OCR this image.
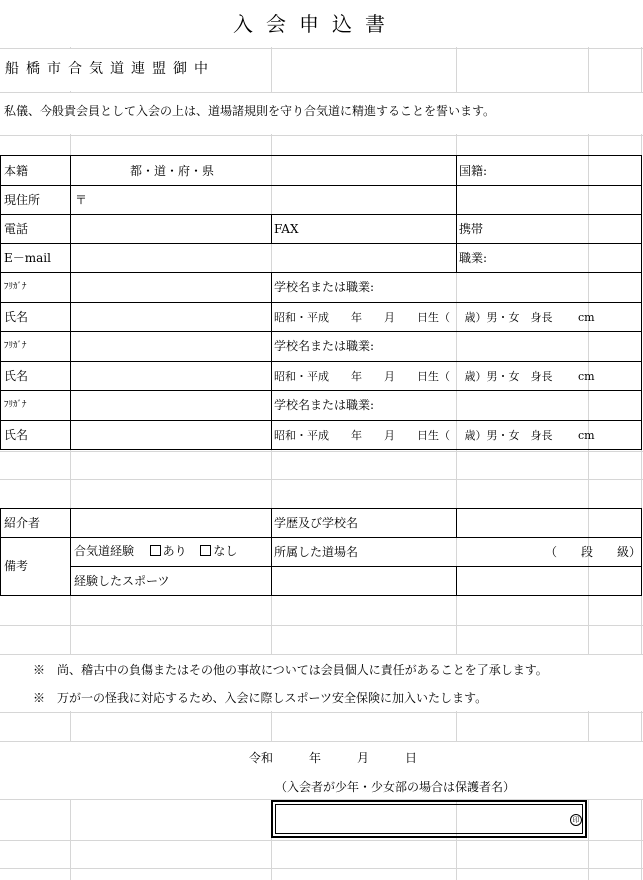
入会申込書
船橋市合気道連盟御中
私儀、今般貴会員として入会の上は、道場諸規則を守り合気道に精進することを誓います。
本籍	都・道・府・県	国籍:
現住所	〒
電話	FAX	携帯
E－mail	職業:
ﾌﾘｶﾞﾅ	学校名または職業:
氏名	昭和・平成　　年　　月　　日生（　 歳）男・女　身長　　 cm
ﾌﾘｶﾞﾅ	学校名または職業:
氏名	昭和・平成　　年　　月　　日生（　 歳）男・女　身長　　 cm
ﾌﾘｶﾞﾅ	学校名または職業:
氏名	昭和・平成　　年　　月　　日生（　 歳）男・女　身長　　 cm
紹介者	学歴及び学校名
備考
合気道経験 あり なし	所属した道場名	（　　段　　級）
経験したスポーツ
※　尚、稽古中の負傷またはその他の事故については会員個人に責任があることを了承します。
※　万が一の怪我に対応するため、入会に際しスポーツ安全保険に加入いたします。
令和　　　年　　　月　　　日
（入会者が少年・少女部の場合は保護者名）
印
